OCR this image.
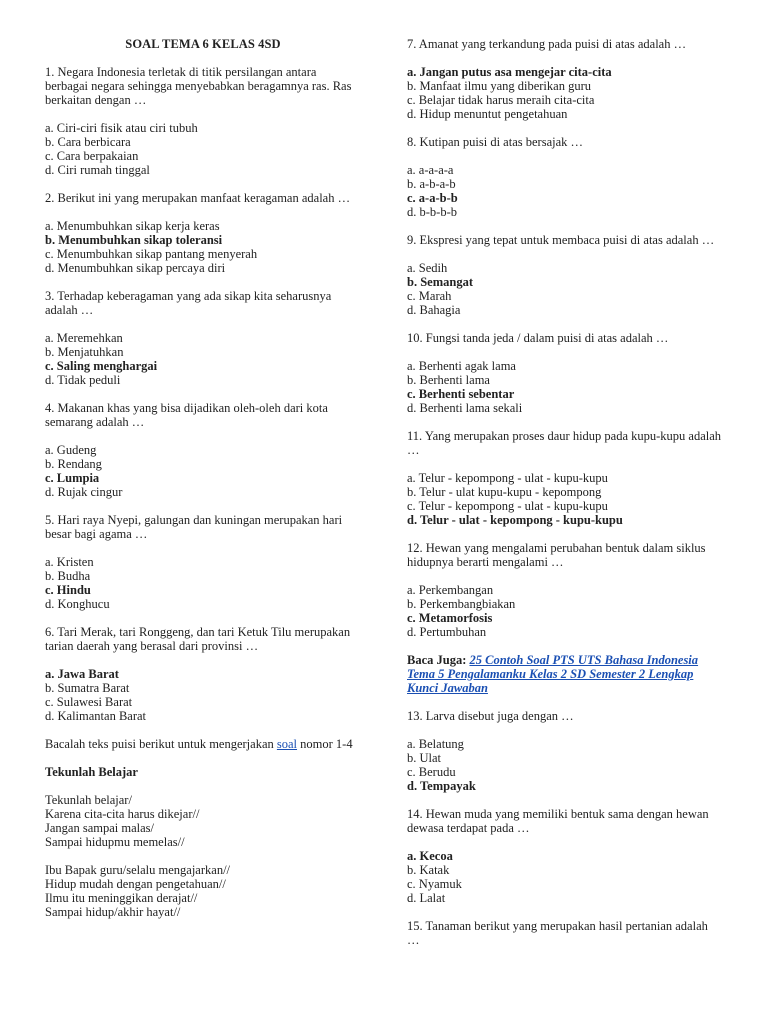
SOAL TEMA 6 KELAS 4SD
1. Negara Indonesia terletak di titik persilangan antara berbagai negara sehingga menyebabkan beragamnya ras. Ras berkaitan dengan …
a. Ciri-ciri fisik atau ciri tubuh
b. Cara berbicara
c. Cara berpakaian
d. Ciri rumah tinggal
2. Berikut ini yang merupakan manfaat keragaman adalah …
a. Menumbuhkan sikap kerja keras
b. Menumbuhkan sikap toleransi
c. Menumbuhkan sikap pantang menyerah
d. Menumbuhkan sikap percaya diri
3. Terhadap keberagaman yang ada sikap kita seharusnya adalah …
a. Meremehkan
b. Menjatuhkan
c. Saling menghargai
d. Tidak peduli
4. Makanan khas yang bisa dijadikan oleh-oleh dari kota semarang adalah …
a. Gudeng
b. Rendang
c. Lumpia
d. Rujak cingur
5. Hari raya Nyepi, galungan dan kuningan merupakan hari besar bagi agama …
a. Kristen
b. Budha
c. Hindu
d. Konghucu
6. Tari Merak, tari Ronggeng, dan tari Ketuk Tilu merupakan tarian daerah yang berasal dari provinsi …
a. Jawa Barat
b. Sumatra Barat
c. Sulawesi Barat
d. Kalimantan Barat
Bacalah teks puisi berikut untuk mengerjakan soal nomor 1-4
Tekunlah Belajar
Tekunlah belajar/
Karena cita-cita harus dikejar//
Jangan sampai malas/
Sampai hidupmu memelas//
Ibu Bapak guru/selalu mengajarkan//
Hidup mudah dengan pengetahuan//
Ilmu itu meninggikan derajat//
Sampai hidup/akhir hayat//
7. Amanat yang terkandung pada puisi di atas adalah …
a. Jangan putus asa mengejar cita-cita
b. Manfaat ilmu yang diberikan guru
c. Belajar tidak harus meraih cita-cita
d. Hidup menuntut pengetahuan
8. Kutipan puisi di atas bersajak …
a. a-a-a-a
b. a-b-a-b
c. a-a-b-b
d. b-b-b-b
9. Ekspresi yang tepat untuk membaca puisi di atas adalah …
a. Sedih
b. Semangat
c. Marah
d. Bahagia
10. Fungsi tanda jeda / dalam puisi di atas adalah …
a. Berhenti agak lama
b. Berhenti lama
c. Berhenti sebentar
d. Berhenti lama sekali
11. Yang merupakan proses daur hidup pada kupu-kupu adalah …
a. Telur - kepompong - ulat - kupu-kupu
b. Telur - ulat kupu-kupu - kepompong
c. Telur - kepompong - ulat - kupu-kupu
d. Telur - ulat - kepompong - kupu-kupu
12. Hewan yang mengalami perubahan bentuk dalam siklus hidupnya berarti mengalami …
a. Perkembangan
b. Perkembangbiakan
c. Metamorfosis
d. Pertumbuhan
Baca Juga: 25 Contoh Soal PTS UTS Bahasa Indonesia Tema 5 Pengalamanku Kelas 2 SD Semester 2 Lengkap Kunci Jawaban
13. Larva disebut juga dengan …
a. Belatung
b. Ulat
c. Berudu
d. Tempayak
14. Hewan muda yang memiliki bentuk sama dengan hewan dewasa terdapat pada …
a. Kecoa
b. Katak
c. Nyamuk
d. Lalat
15. Tanaman berikut yang merupakan hasil pertanian adalah …
